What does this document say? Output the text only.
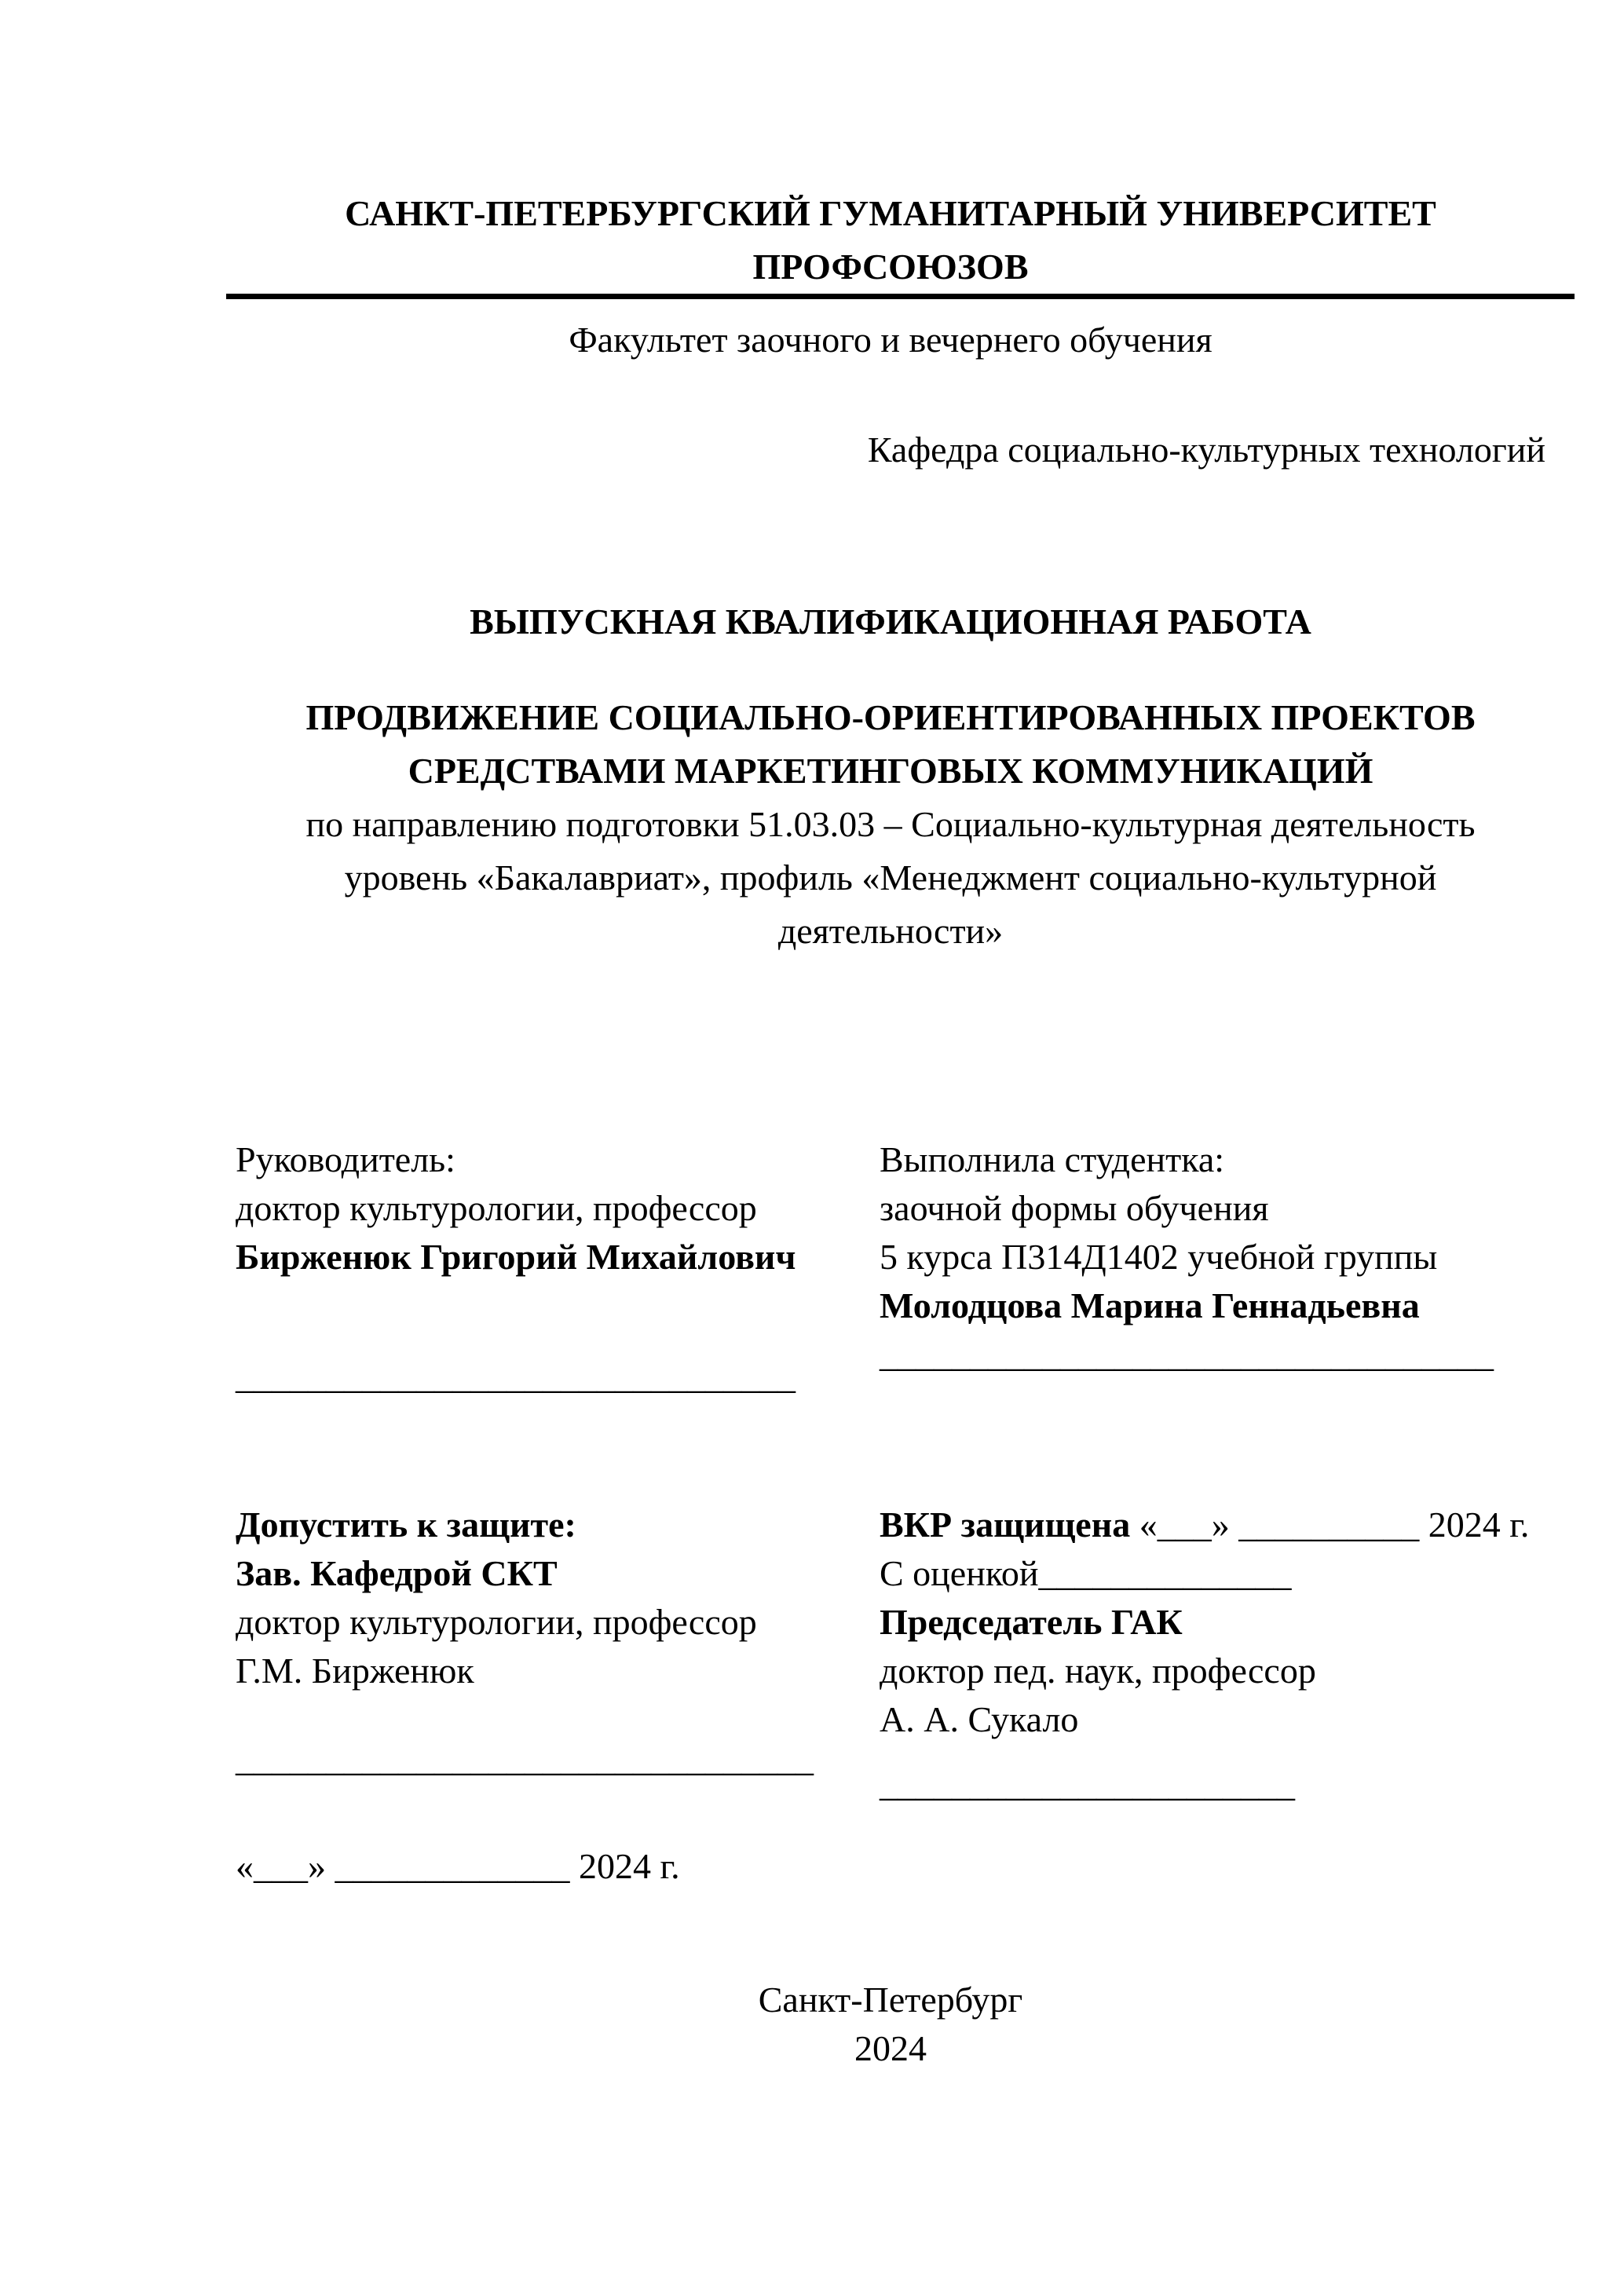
САНКТ-ПЕТЕРБУРГСКИЙ ГУМАНИТАРНЫЙ УНИВЕРСИТЕТ
ПРОФСОЮЗОВ
Факультет заочного и вечернего обучения
Кафедра социально-культурных технологий
ВЫПУСКНАЯ КВАЛИФИКАЦИОННАЯ РАБОТА
ПРОДВИЖЕНИЕ СОЦИАЛЬНО-ОРИЕНТИРОВАННЫХ ПРОЕКТОВ
СРЕДСТВАМИ МАРКЕТИНГОВЫХ КОММУНИКАЦИЙ
по направлению подготовки 51.03.03 – Социально-культурная деятельность
уровень «Бакалавриат», профиль «Менеджмент социально-культурной
деятельности»
Руководитель:
доктор культурологии, профессор
Бирженюк Григорий Михайлович
_______________________________
Выполнила студентка:
заочной формы обучения
5 курса П314Д1402 учебной группы
Молодцова Марина Геннадьевна
__________________________________
Допустить к защите:
Зав. Кафедрой СКТ
доктор культурологии, профессор
Г.М. Бирженюк
________________________________
«___» _____________ 2024 г.
ВКР защищена «___» __________ 2024 г.
С оценкой______________
Председатель ГАК
доктор пед. наук, профессор
А. А. Сукало
_______________________
Санкт-Петербург
2024
